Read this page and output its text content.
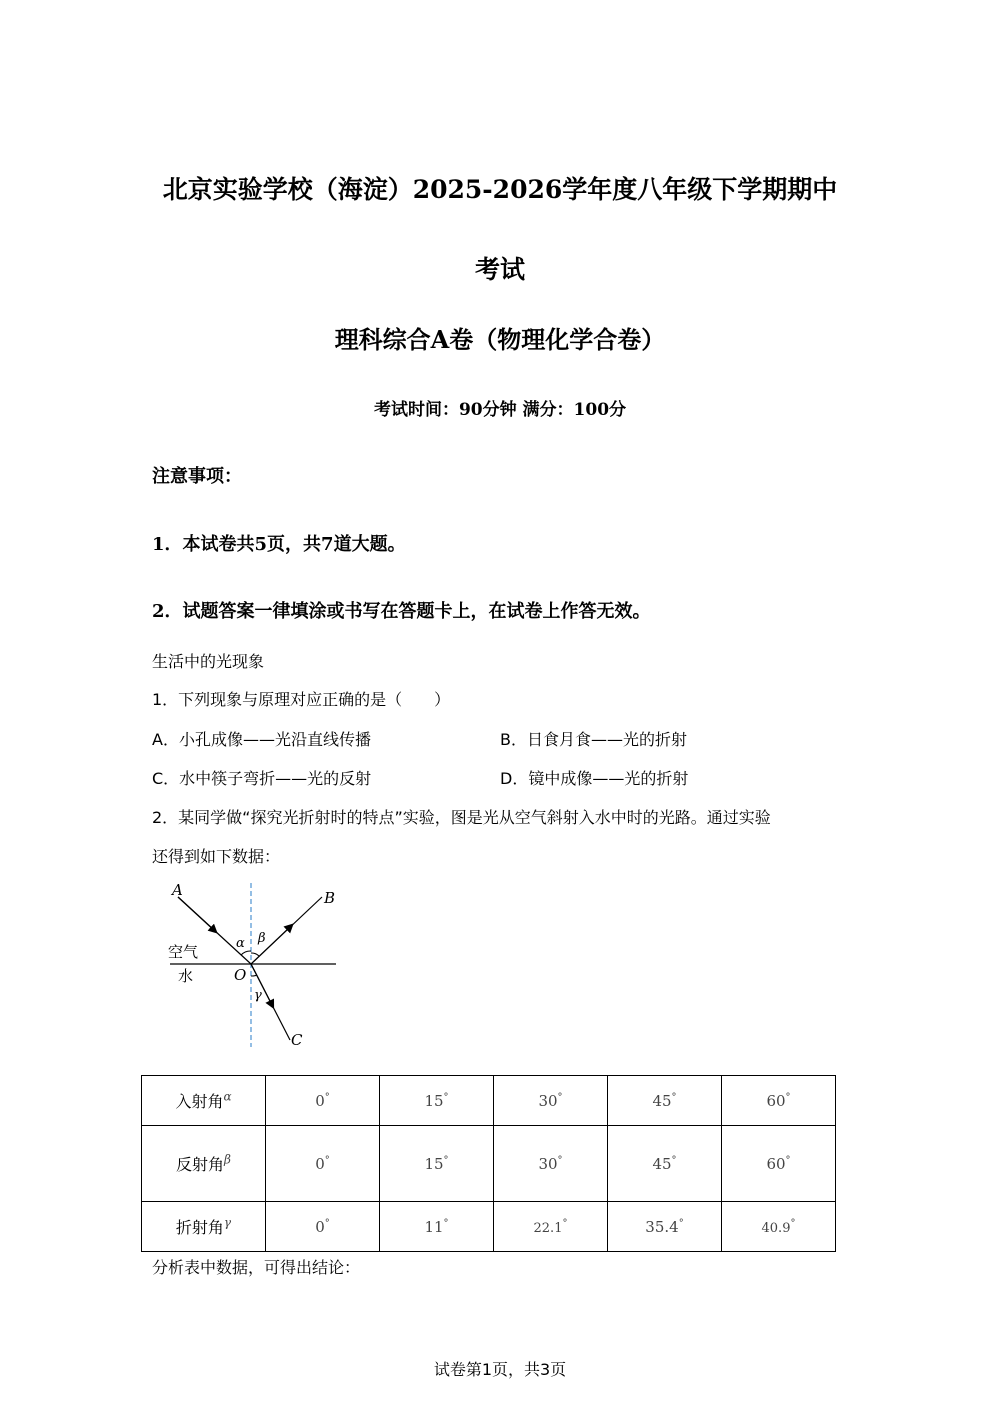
北京实验学校（海淀）2025-2026学年度八年级下学期期中
考试
理科综合A卷（物理化学合卷）
考试时间：90分钟 满分：100分
注意事项：
1．本试卷共5页，共7道大题。
2．试题答案一律填涂或书写在答题卡上，在试卷上作答无效。
生活中的光现象
1．下列现象与原理对应正确的是（　　）
A．小孔成像——光沿直线传播	B．日食月食——光的折射
C．水中筷子弯折——光的反射	D．镜中成像——光的折射
2．某同学做“探究光折射时的特点”实验，图是光从空气斜射入水中时的光路。通过实验
还得到如下数据：
A	B
C
O
α β
γ
空气
水
入射角$^\alpha$	0°	15°	30°	45°	60°
反射角$^\beta$	0°	15°	30°	45°	60°
折射角$^\gamma$	0°	11°	22.1°	35.4°	40.9°
分析表中数据，可得出结论：
试卷第1页，共3页
